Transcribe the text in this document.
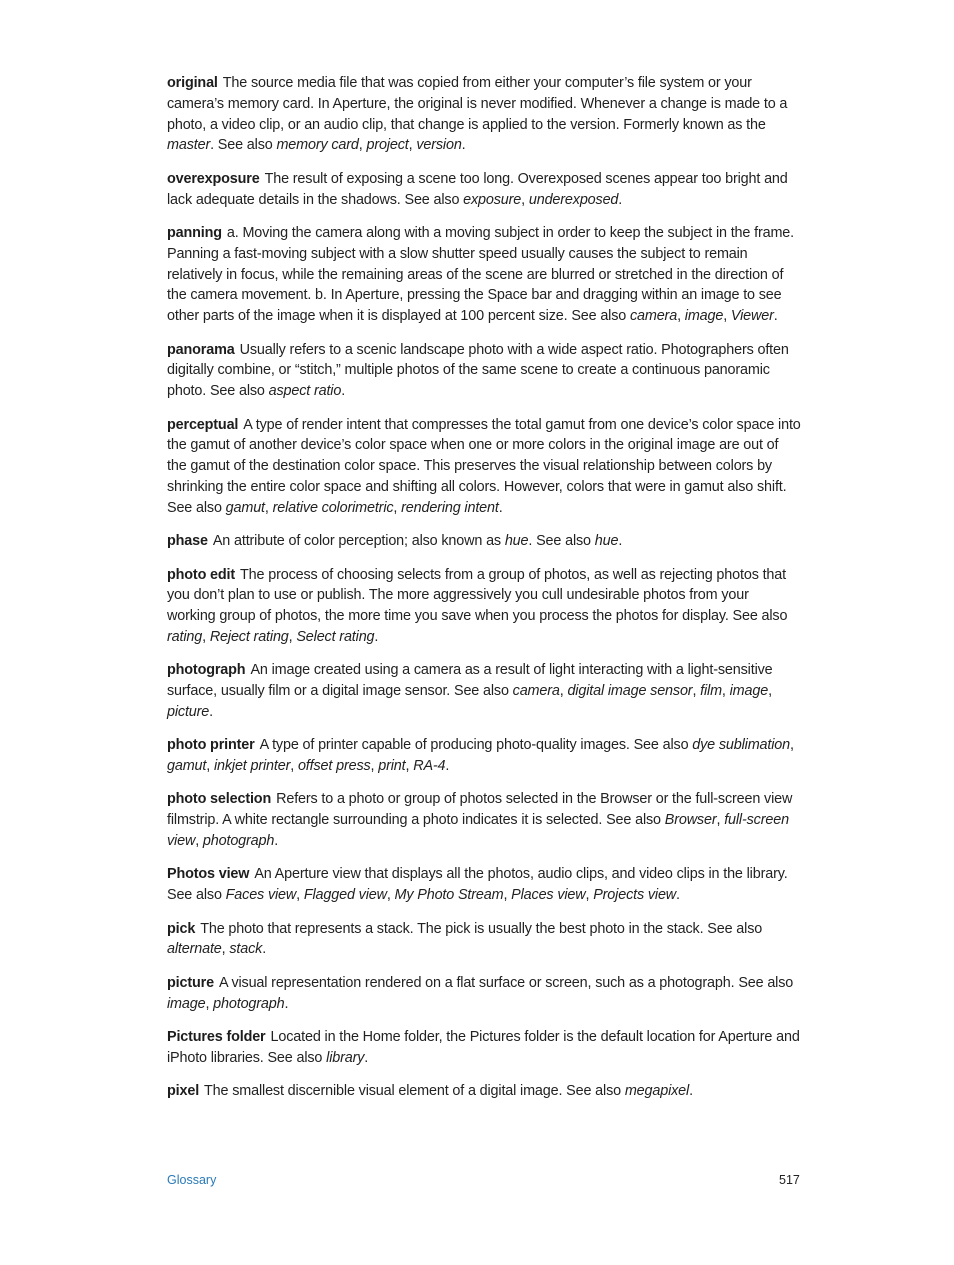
original The source media file that was copied from either your computer’s file system or your camera’s memory card. In Aperture, the original is never modified. Whenever a change is made to a photo, a video clip, or an audio clip, that change is applied to the version. Formerly known as the master. See also memory card, project, version.

overexposure The result of exposing a scene too long. Overexposed scenes appear too bright and lack adequate details in the shadows. See also exposure, underexposed.

panning a. Moving the camera along with a moving subject in order to keep the subject in the frame. Panning a fast-moving subject with a slow shutter speed usually causes the subject to remain relatively in focus, while the remaining areas of the scene are blurred or stretched in the direction of the camera movement. b. In Aperture, pressing the Space bar and dragging within an image to see other parts of the image when it is displayed at 100 percent size. See also camera, image, Viewer.

panorama Usually refers to a scenic landscape photo with a wide aspect ratio. Photographers often digitally combine, or “stitch,” multiple photos of the same scene to create a continuous panoramic photo. See also aspect ratio.

perceptual A type of render intent that compresses the total gamut from one device’s color space into the gamut of another device’s color space when one or more colors in the original image are out of the gamut of the destination color space. This preserves the visual relationship between colors by shrinking the entire color space and shifting all colors. However, colors that were in gamut also shift. See also gamut, relative colorimetric, rendering intent.

phase An attribute of color perception; also known as hue. See also hue.

photo edit The process of choosing selects from a group of photos, as well as rejecting photos that you don’t plan to use or publish. The more aggressively you cull undesirable photos from your working group of photos, the more time you save when you process the photos for display. See also rating, Reject rating, Select rating.

photograph An image created using a camera as a result of light interacting with a light-sensitive surface, usually film or a digital image sensor. See also camera, digital image sensor, film, image, picture.

photo printer A type of printer capable of producing photo-quality images. See also dye sublimation, gamut, inkjet printer, offset press, print, RA-4.

photo selection Refers to a photo or group of photos selected in the Browser or the full-screen view filmstrip. A white rectangle surrounding a photo indicates it is selected. See also Browser, full-screen view, photograph.

Photos view An Aperture view that displays all the photos, audio clips, and video clips in the library. See also Faces view, Flagged view, My Photo Stream, Places view, Projects view.

pick The photo that represents a stack. The pick is usually the best photo in the stack. See also alternate, stack.

picture A visual representation rendered on a flat surface or screen, such as a photograph. See also image, photograph.

Pictures folder Located in the Home folder, the Pictures folder is the default location for Aperture and iPhoto libraries. See also library.

pixel The smallest discernible visual element of a digital image. See also megapixel.

Glossary	517
